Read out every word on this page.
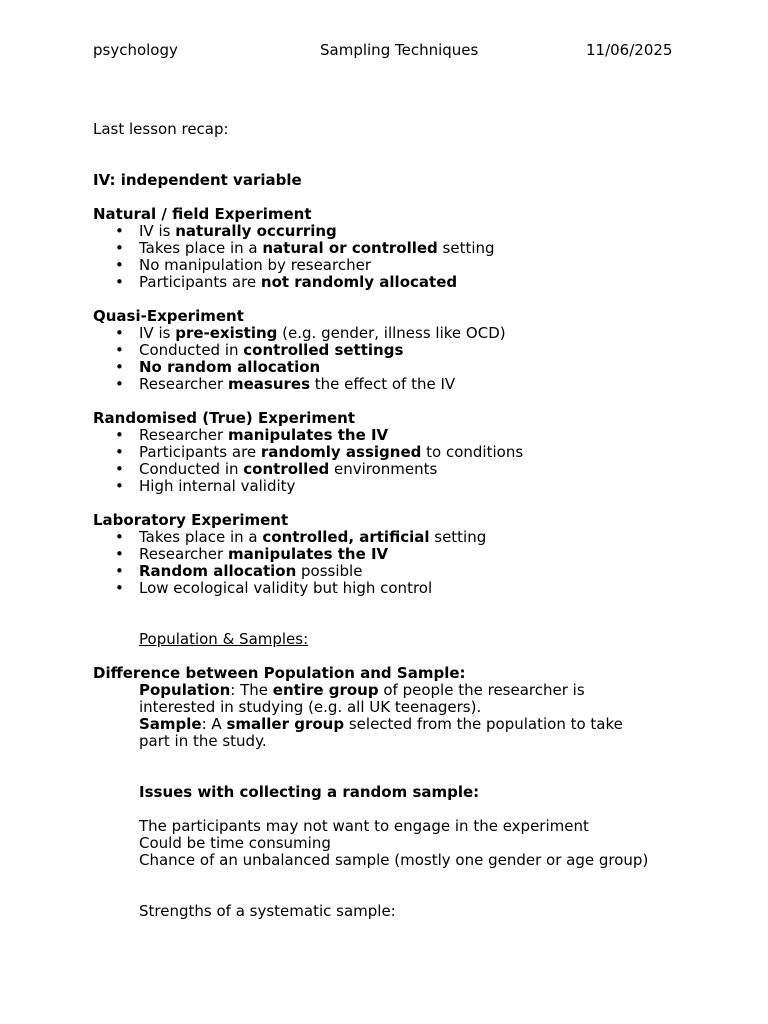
psychology	Sampling Techniques	11/06/2025

Last lesson recap:

IV: independent variable

Natural / field Experiment

• IV is naturally occurring
• Takes place in a natural or controlled setting
• No manipulation by researcher
• Participants are not randomly allocated

Quasi-Experiment

• IV is pre-existing (e.g. gender, illness like OCD)
• Conducted in controlled settings
• No random allocation
• Researcher measures the effect of the IV

Randomised (True) Experiment

• Researcher manipulates the IV
• Participants are randomly assigned to conditions
• Conducted in controlled environments
• High internal validity

Laboratory Experiment

• Takes place in a controlled, artificial setting
• Researcher manipulates the IV
• Random allocation possible
• Low ecological validity but high control

Population & Samples:

Difference between Population and Sample:

Population: The entire group of people the researcher is

interested in studying (e.g. all UK teenagers).

Sample: A smaller group selected from the population to take

part in the study.

Issues with collecting a random sample:

The participants may not want to engage in the experiment

Could be time consuming

Chance of an unbalanced sample (mostly one gender or age group)

Strengths of a systematic sample:
